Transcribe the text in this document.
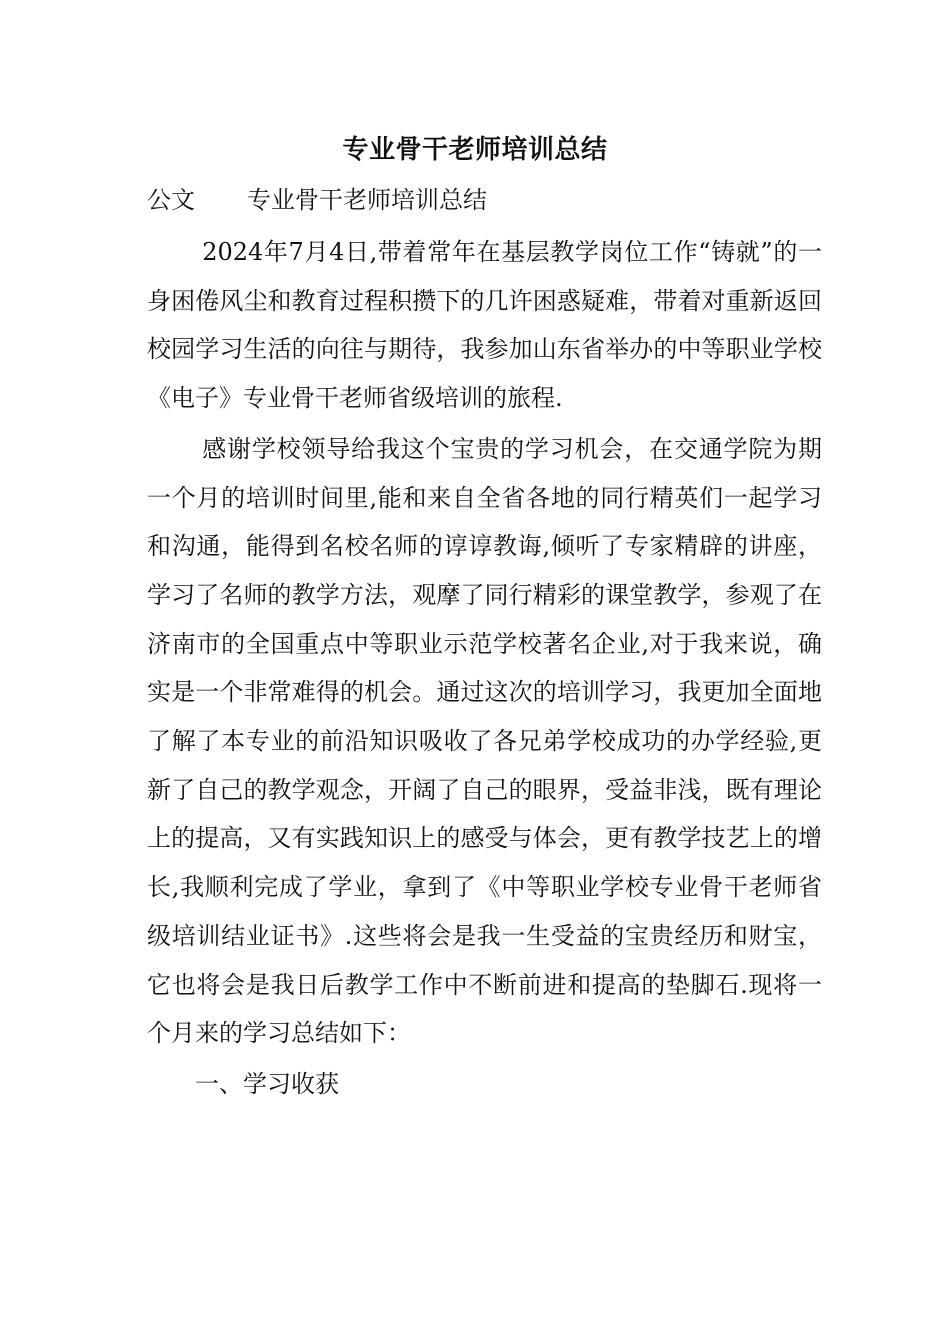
专业骨干老师培训总结
公文 专业骨干老师培训总结

2024年7月4日,带着常年在基层教学岗位工作“铸就”的一身困倦风尘和教育过程积攒下的几许困惑疑难，带着对重新返回校园学习生活的向往与期待，我参加山东省举办的中等职业学校《电子》专业骨干老师省级培训的旅程.

感谢学校领导给我这个宝贵的学习机会，在交通学院为期一个月的培训时间里,能和来自全省各地的同行精英们一起学习和沟通，能得到名校名师的谆谆教诲,倾听了专家精辟的讲座，学习了名师的教学方法，观摩了同行精彩的课堂教学，参观了在济南市的全国重点中等职业示范学校著名企业,对于我来说，确实是一个非常难得的机会。通过这次的培训学习，我更加全面地了解了本专业的前沿知识吸收了各兄弟学校成功的办学经验,更新了自己的教学观念，开阔了自己的眼界，受益非浅，既有理论上的提高，又有实践知识上的感受与体会，更有教学技艺上的增长,我顺利完成了学业，拿到了《中等职业学校专业骨干老师省级培训结业证书》.这些将会是我一生受益的宝贵经历和财宝，它也将会是我日后教学工作中不断前进和提高的垫脚石.现将一个月来的学习总结如下：

一、学习收获
